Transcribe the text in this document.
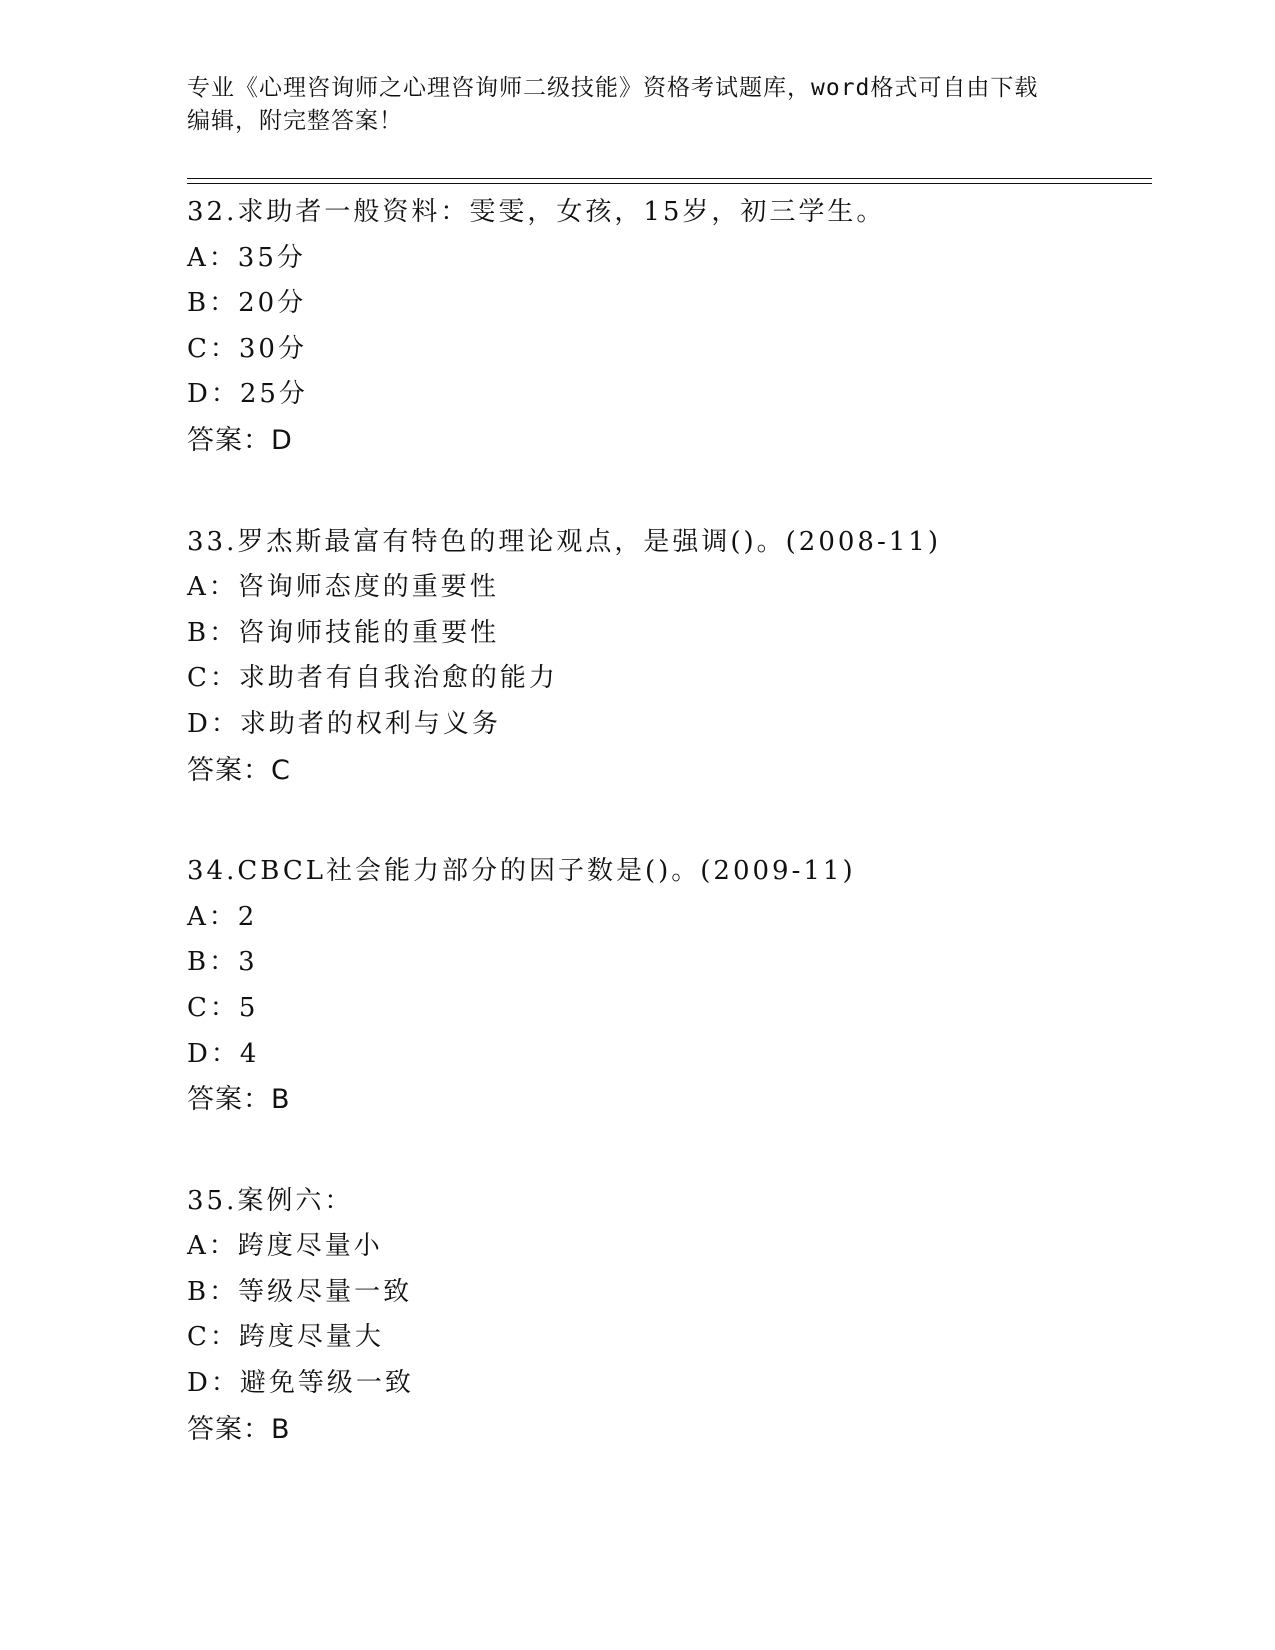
专业《心理咨询师之心理咨询师二级技能》资格考试题库，word格式可自由下载
编辑，附完整答案！
32.求助者一般资料：雯雯，女孩，15岁，初三学生。
A：35分
B：20分
C：30分
D：25分
答案：D
33.罗杰斯最富有特色的理论观点，是强调()。(2008-11)
A：咨询师态度的重要性
B：咨询师技能的重要性
C：求助者有自我治愈的能力
D：求助者的权利与义务
答案：C
34.CBCL社会能力部分的因子数是()。(2009-11)
A：2
B：3
C：5
D：4
答案：B
35.案例六：
A：跨度尽量小
B：等级尽量一致
C：跨度尽量大
D：避免等级一致
答案：B
